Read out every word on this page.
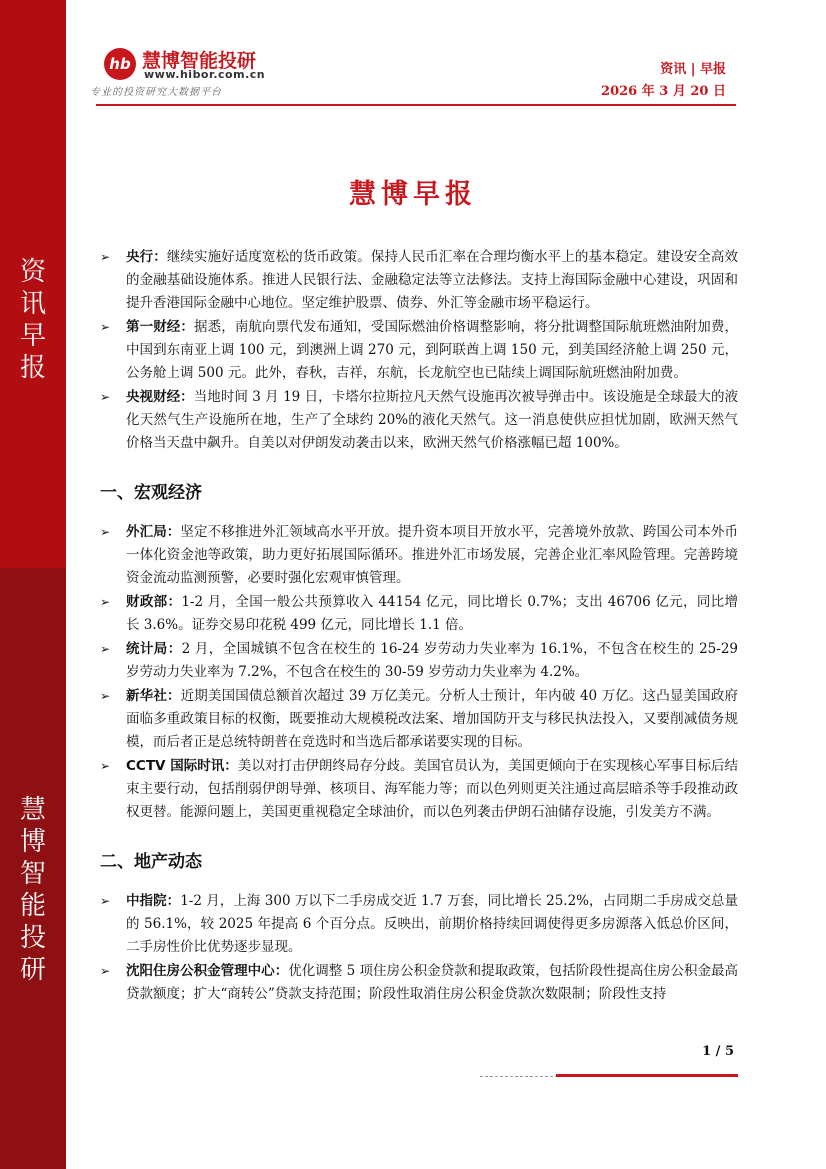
资
讯
早
报
慧
博
智
能
投
研
hb 慧博智能投研
www.hibor.com.cn
专业的投资研究大数据平台
资讯 | 早报
2026 年 3 月 20 日
慧博早报
➢ 央行：继续实施好适度宽松的货币政策。保持人民币汇率在合理均衡水平上的基本稳定。建设安全高效的金融基础设施体系。推进人民银行法、金融稳定法等立法修法。支持上海国际金融中心建设，巩固和提升香港国际金融中心地位。坚定维护股票、债券、外汇等金融市场平稳运行。
➢ 第一财经：据悉，南航向票代发布通知，受国际燃油价格调整影响，将分批调整国际航班燃油附加费，中国到东南亚上调 100 元，到澳洲上调 270 元，到阿联酋上调 150 元，到美国经济舱上调 250 元，公务舱上调 500 元。此外，春秋，吉祥，东航，长龙航空也已陆续上调国际航班燃油附加费。
➢ 央视财经：当地时间 3 月 19 日，卡塔尔拉斯拉凡天然气设施再次被导弹击中。该设施是全球最大的液化天然气生产设施所在地，生产了全球约 20%的液化天然气。这一消息使供应担忧加剧，欧洲天然气价格当天盘中飙升。自美以对伊朗发动袭击以来，欧洲天然气价格涨幅已超 100%。
一、宏观经济
➢ 外汇局：坚定不移推进外汇领域高水平开放。提升资本项目开放水平，完善境外放款、跨国公司本外币一体化资金池等政策，助力更好拓展国际循环。推进外汇市场发展，完善企业汇率风险管理。完善跨境资金流动监测预警，必要时强化宏观审慎管理。
➢ 财政部：1-2 月，全国一般公共预算收入 44154 亿元，同比增长 0.7%；支出 46706 亿元，同比增长 3.6%。证券交易印花税 499 亿元，同比增长 1.1 倍。
➢ 统计局：2 月，全国城镇不包含在校生的 16-24 岁劳动力失业率为 16.1%，不包含在校生的 25-29 岁劳动力失业率为 7.2%，不包含在校生的 30-59 岁劳动力失业率为 4.2%。
➢ 新华社：近期美国国债总额首次超过 39 万亿美元。分析人士预计，年内破 40 万亿。这凸显美国政府面临多重政策目标的权衡，既要推动大规模税改法案、增加国防开支与移民执法投入，又要削减债务规模，而后者正是总统特朗普在竞选时和当选后都承诺要实现的目标。
➢ CCTV 国际时讯：美以对打击伊朗终局存分歧。美国官员认为，美国更倾向于在实现核心军事目标后结束主要行动，包括削弱伊朗导弹、核项目、海军能力等；而以色列则更关注通过高层暗杀等手段推动政权更替。能源问题上，美国更重视稳定全球油价，而以色列袭击伊朗石油储存设施，引发美方不满。
二、地产动态
➢ 中指院：1-2 月，上海 300 万以下二手房成交近 1.7 万套，同比增长 25.2%，占同期二手房成交总量的 56.1%，较 2025 年提高 6 个百分点。反映出，前期价格持续回调使得更多房源落入低总价区间，二手房性价比优势逐步显现。
➢ 沈阳住房公积金管理中心：优化调整 5 项住房公积金贷款和提取政策，包括阶段性提高住房公积金最高贷款额度；扩大“商转公”贷款支持范围；阶段性取消住房公积金贷款次数限制；阶段性支持
1 / 5
